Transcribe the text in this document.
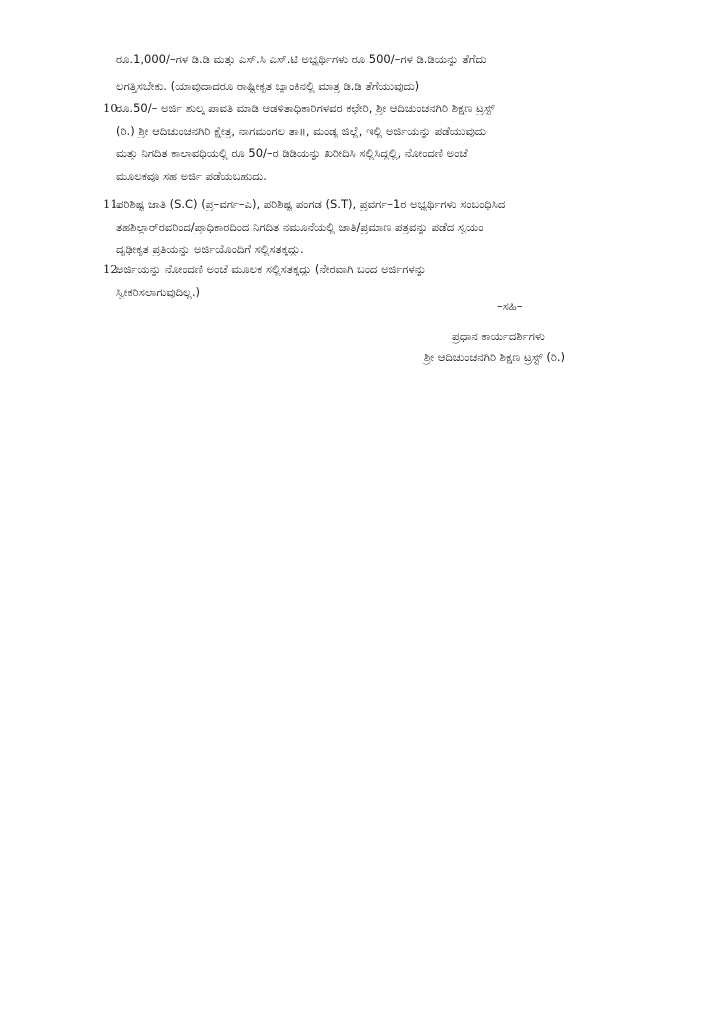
ರೂ.1,000/–ಗಳ ಡಿ.ಡಿ ಮತ್ತು ಎಸ್.ಸಿ ಎಸ್.ಟಿ ಅಭ್ಯರ್ಥಿಗಳು ರೂ 500/–ಗಳ ಡಿ.ಡಿಯನ್ನು ತೆಗೆದು
ಲಗತ್ತಿಸಬೇಕು. (ಯಾವುದಾದರೂ ರಾಷ್ಟ್ರೀಕೃತ ಬ್ಯಾಂಕಿನಲ್ಲಿ ಮಾತ್ರ ಡಿ.ಡಿ ತೆಗೆಯುವುದು)
10.
ರೂ.50/– ಅರ್ಜಿ ಶುಲ್ಕ ಪಾವತಿ ಮಾಡಿ ಆಡಳಿತಾಧಿಕಾರಿಗಳವರ ಕಛೇರಿ, ಶ್ರೀ ಆದಿಚುಂಚನಗಿರಿ ಶಿಕ್ಷಣ ಟ್ರಸ್ಟ್
(ರಿ.) ಶ್ರೀ ಆದಿಚುಂಚನಗಿರಿ ಕ್ಷೇತ್ರ, ನಾಗಮಂಗಲ ತಾ॥, ಮಂಡ್ಯ ಜಿಲ್ಲೆ, ಇಲ್ಲಿ ಅರ್ಜಿಯನ್ನು ಪಡೆಯುವುದು
ಮತ್ತು ನಿಗದಿತ ಕಾಲಾವಧಿಯಲ್ಲಿ ರೂ 50/–ರ ಡಿಡಿಯನ್ನು ಖರೀದಿಸಿ ಸಲ್ಲಿಸಿದ್ದಲ್ಲಿ, ನೋಂದಣಿ ಅಂಚೆ
ಮೂಲಕವೂ ಸಹ ಅರ್ಜಿ ಪಡೆಯಬಹುದು.
11.
ಪರಿಶಿಷ್ಟ ಜಾತಿ (S.C) (ಪ್ರ–ವರ್ಗ–ಎ), ಪರಿಶಿಷ್ಟ ಪಂಗಡ (S.T), ಪ್ರವರ್ಗ–1ರ ಅಭ್ಯರ್ಥಿಗಳು ಸಂಬಂಧಿಸಿದ
ತಹಶಿಲ್ದಾರ್‌ರವರಿಂದ/ಪ್ರಾಧಿಕಾರದಿಂದ ನಿಗದಿತ ನಮೂನೆಯಲ್ಲಿ ಜಾತಿ/ಪ್ರಮಾಣ ಪತ್ರವನ್ನು ಪಡೆದ ಸ್ವಯಂ
ದೃಢೀಕೃತ ಪ್ರತಿಯನ್ನು ಅರ್ಜಿಯೊಂದಿಗೆ ಸಲ್ಲಿಸತಕ್ಕದ್ದು.
12.
ಅರ್ಜಿಯನ್ನು ನೋಂದಣಿ ಅಂಚೆ ಮೂಲಕ ಸಲ್ಲಿಸತಕ್ಕದ್ದು (ನೇರವಾಗಿ ಬಂದ ಅರ್ಜಿಗಳನ್ನು
ಸ್ವೀಕರಿಸಲಾಗುವುದಿಲ್ಲ.)
–ಸಹಿ–
ಪ್ರಧಾನ ಕಾರ್ಯದರ್ಶಿಗಳು
ಶ್ರೀ ಆದಿಚುಂಚನಗಿರಿ ಶಿಕ್ಷಣ ಟ್ರಸ್ಟ್ (ರಿ.)
